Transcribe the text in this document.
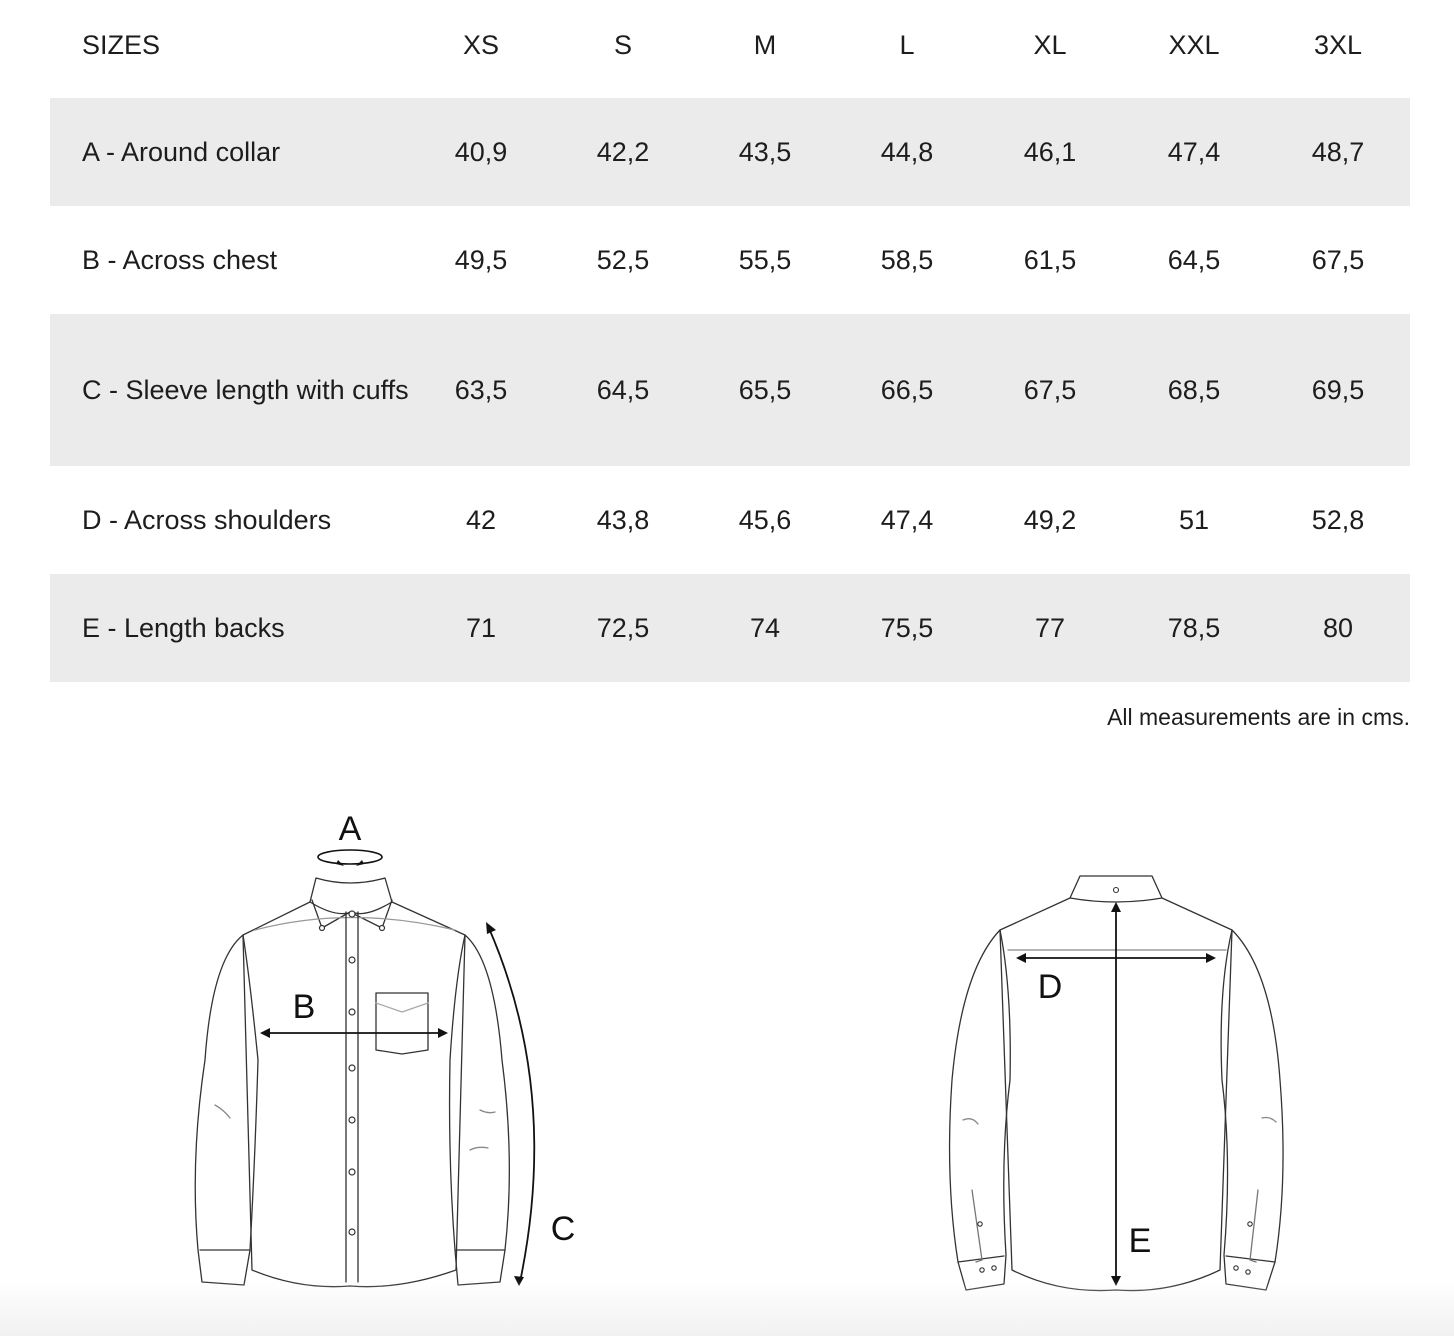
SIZES	XS	S	M	L	XL	XXL	3XL
A - Around collar	40,9	42,2	43,5	44,8	46,1	47,4	48,7
B - Across chest	49,5	52,5	55,5	58,5	61,5	64,5	67,5
C - Sleeve length with cuffs	63,5	64,5	65,5	66,5	67,5	68,5	69,5
D - Across shoulders	42	43,8	45,6	47,4	49,2	51	52,8
E - Length backs	71	72,5	74	75,5	77	78,5	80
All measurements are in cms.
A
B
C
D
E
